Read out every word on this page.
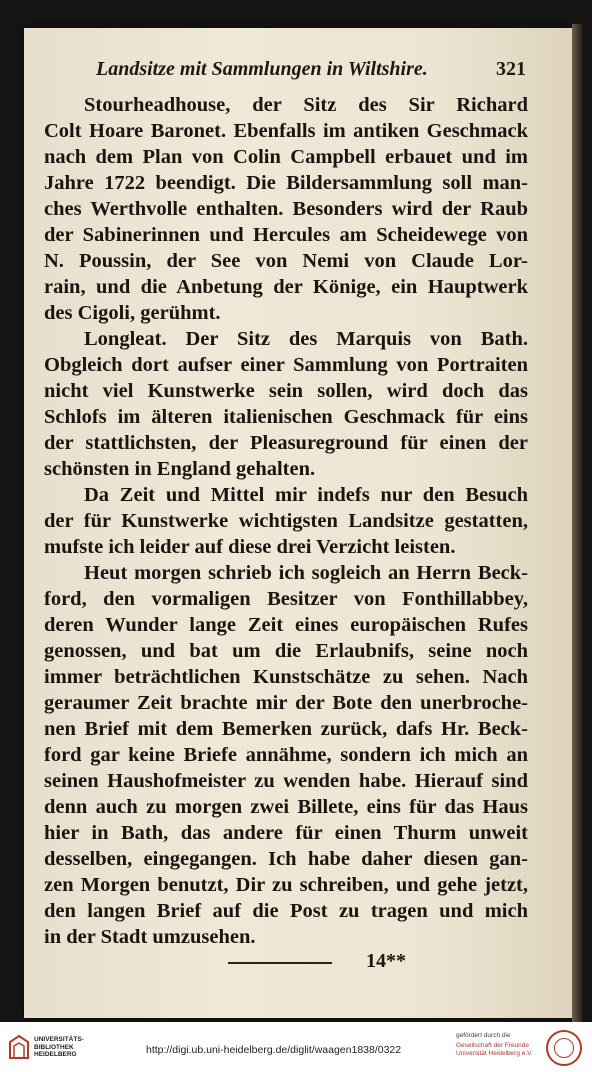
Landsitze mit Sammlungen in Wiltshire.	321
Stourheadhouse, der Sitz des Sir Richard
Colt Hoare Baronet. Ebenfalls im antiken Geschmack
nach dem Plan von Colin Campbell erbauet und im
Jahre 1722 beendigt. Die Bildersammlung soll man-
ches Werthvolle enthalten. Besonders wird der Raub
der Sabinerinnen und Hercules am Scheidewege von
N. Poussin, der See von Nemi von Claude Lor-
rain, und die Anbetung der Könige, ein Hauptwerk
des Cigoli, gerühmt.
Longleat. Der Sitz des Marquis von Bath.
Obgleich dort aufser einer Sammlung von Portraiten
nicht viel Kunstwerke sein sollen, wird doch das
Schlofs im älteren italienischen Geschmack für eins
der stattlichsten, der Pleasureground für einen der
schönsten in England gehalten.
Da Zeit und Mittel mir indefs nur den Besuch
der für Kunstwerke wichtigsten Landsitze gestatten,
mufste ich leider auf diese drei Verzicht leisten.
Heut morgen schrieb ich sogleich an Herrn Beck-
ford, den vormaligen Besitzer von Fonthillabbey,
deren Wunder lange Zeit eines europäischen Rufes
genossen, und bat um die Erlaubnifs, seine noch
immer beträchtlichen Kunstschätze zu sehen. Nach
geraumer Zeit brachte mir der Bote den unerbroche-
nen Brief mit dem Bemerken zurück, dafs Hr. Beck-
ford gar keine Briefe annähme, sondern ich mich an
seinen Haushofmeister zu wenden habe. Hierauf sind
denn auch zu morgen zwei Billete, eins für das Haus
hier in Bath, das andere für einen Thurm unweit
desselben, eingegangen. Ich habe daher diesen gan-
zen Morgen benutzt, Dir zu schreiben, und gehe jetzt,
den langen Brief auf die Post zu tragen und mich
in der Stadt umzusehen.
14**
UNIVERSITÄTS-BIBLIOTHEK HEIDELBERG	http://digi.ub.uni-heidelberg.de/diglit/waagen1838/0322
gefördert durch die
Gesellschaft der Freunde Universität Heidelberg e.V.
